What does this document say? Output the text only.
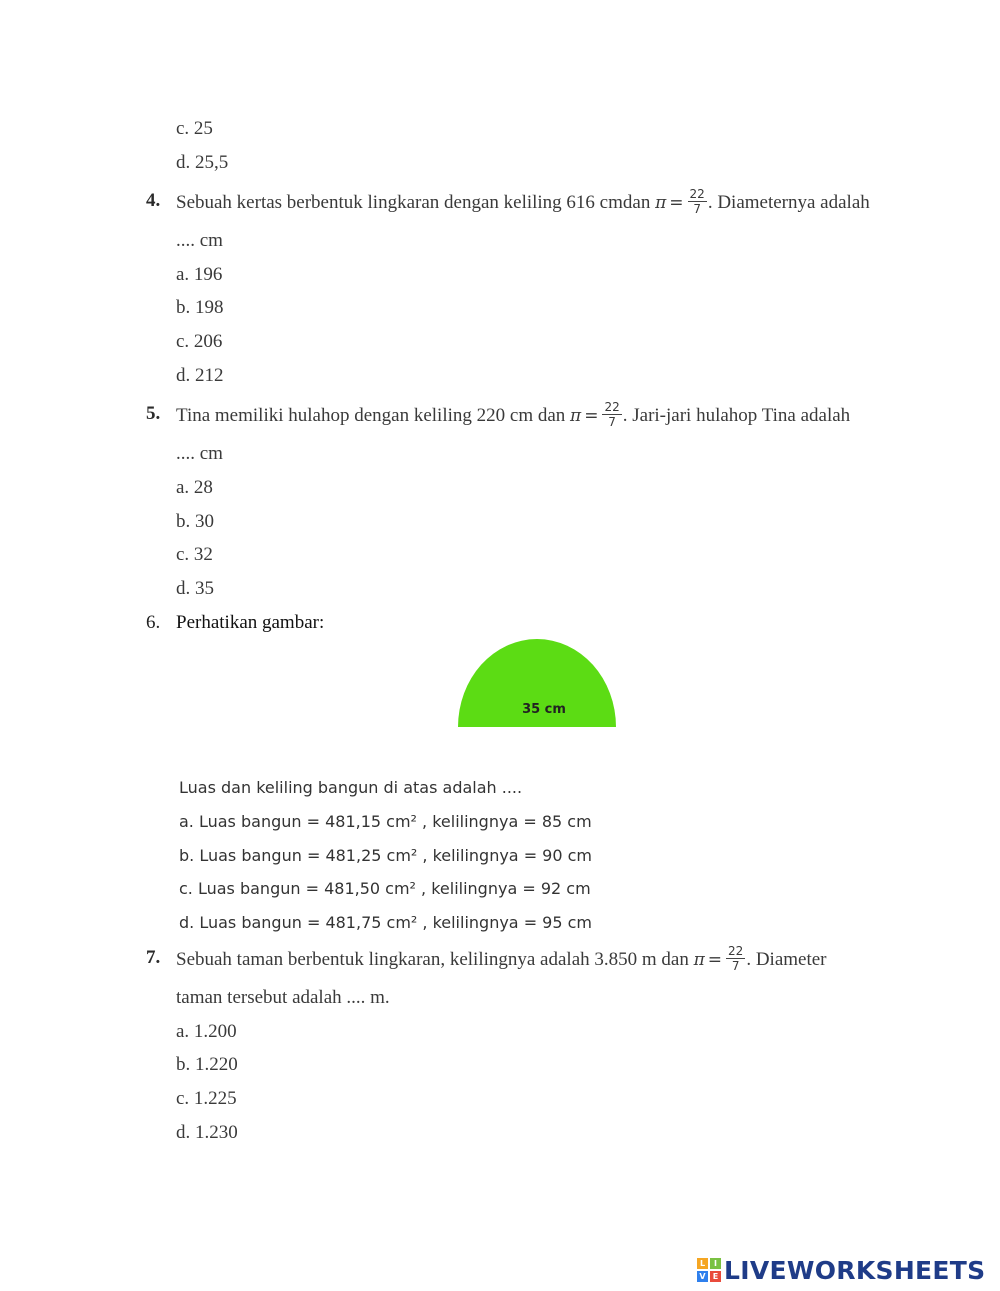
c. 25
d. 25,5
4. Sebuah kertas berbentuk lingkaran dengan keliling 616 cmdan $\pi = \frac{22}{7}$ . Diameternya adalah
.... cm
a. 196
b. 198
c. 206
d. 212
5. Tina memiliki hulahop dengan keliling 220 cm dan $\pi = \frac{22}{7}$ . Jari-jari hulahop Tina adalah
.... cm
a. 28
b. 30
c. 32
d. 35
6. Perhatikan gambar:
35 cm
Luas dan keliling bangun di atas adalah ....
a. Luas bangun = 481,15 cm² , kelilingnya = 85 cm
b. Luas bangun = 481,25 cm² , kelilingnya = 90 cm
c. Luas bangun = 481,50 cm² , kelilingnya = 92 cm
d. Luas bangun = 481,75 cm² , kelilingnya = 95 cm
7. Sebuah taman berbentuk lingkaran, kelilingnya adalah 3.850 m dan $\pi = \frac{22}{7}$ . Diameter
taman tersebut adalah .... m.
a. 1.200
b. 1.220
c. 1.225
d. 1.230
L	I
V E LIVEWORKSHEETS
